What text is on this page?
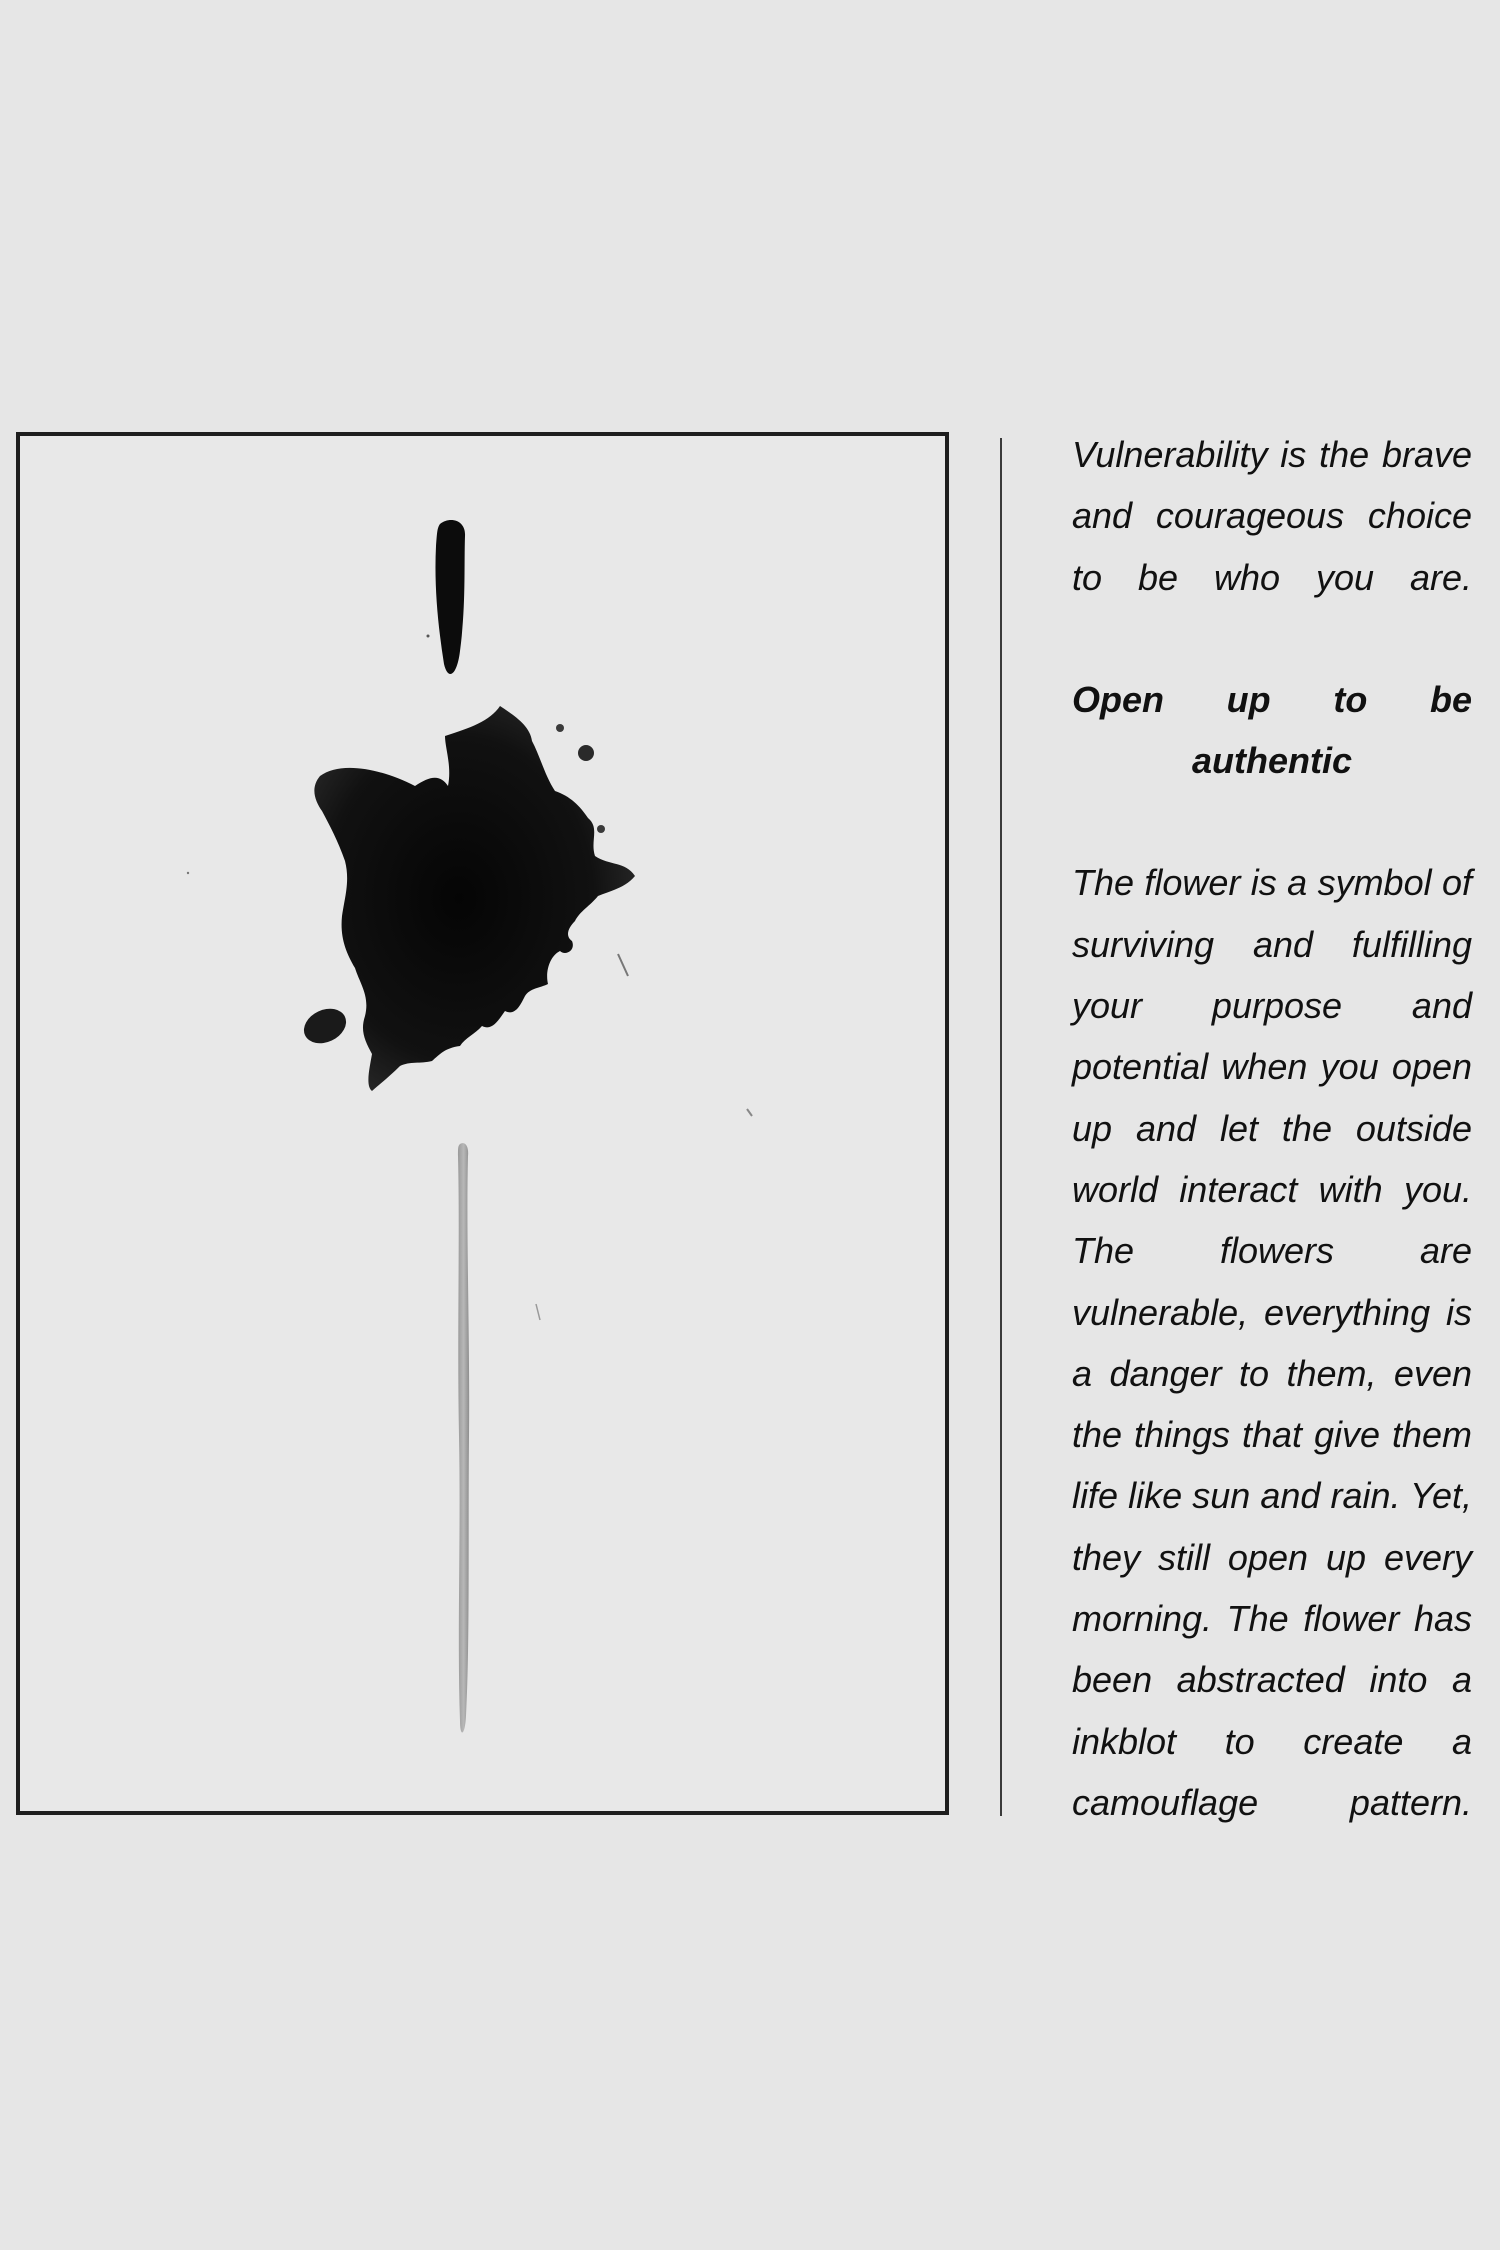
Vulnerability is the brave and courageous choice to be who you are.

Open up to be authentic

The flower is a symbol of surviving and fulfilling your purpose and potential when you open up and let the outside world interact with you. The flowers are vulnerable, everything is a danger to them, even the things that give them life like sun and rain. Yet, they still open up every morning. The flower has been abstracted into a inkblot to create a camouflage pattern.
